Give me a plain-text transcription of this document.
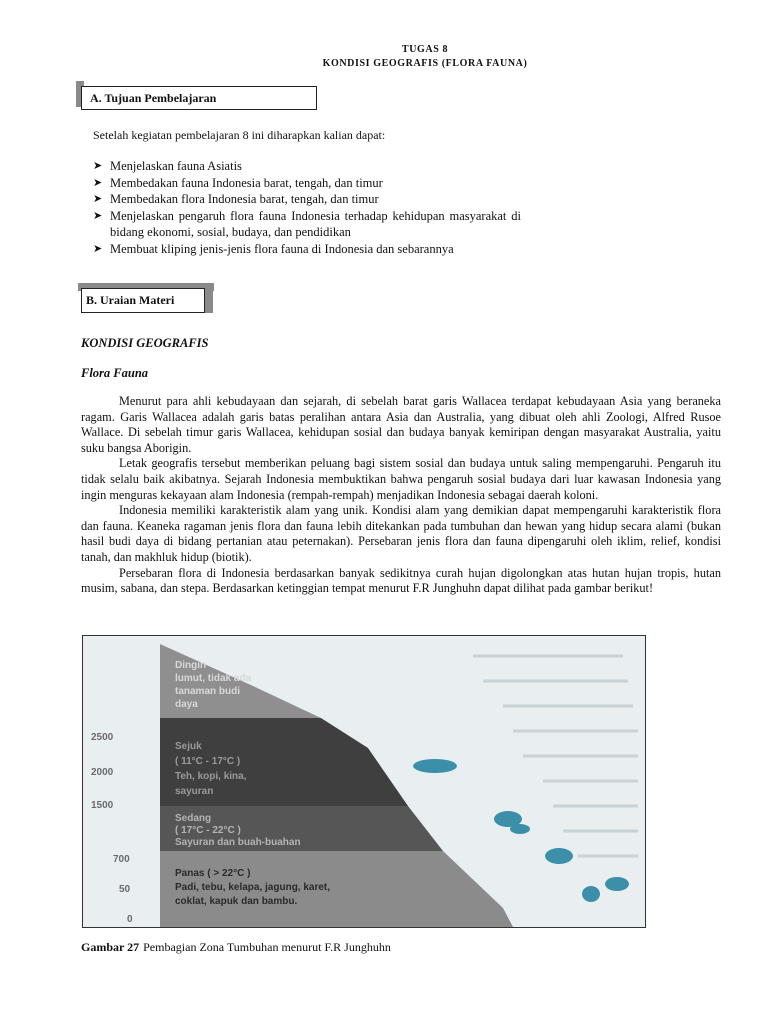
TUGAS 8
KONDISI GEOGRAFIS (FLORA FAUNA)
A. Tujuan Pembelajaran
Setelah kegiatan pembelajaran 8 ini diharapkan kalian dapat:
➤ Menjelaskan fauna Asiatis
➤ Membedakan fauna Indonesia barat, tengah, dan timur
➤ Membedakan flora Indonesia barat, tengah, dan timur
➤ Menjelaskan pengaruh flora fauna Indonesia terhadap kehidupan masyarakat di bidang ekonomi, sosial, budaya, dan pendidikan
➤ Membuat kliping jenis-jenis flora fauna di Indonesia dan sebarannya
B. Uraian Materi
KONDISI GEOGRAFIS
Flora Fauna

Menurut para ahli kebudayaan dan sejarah, di sebelah barat garis Wallacea terdapat kebudayaan Asia yang beraneka ragam. Garis Wallacea adalah garis batas peralihan antara Asia dan Australia, yang dibuat oleh ahli Zoologi, Alfred Rusoe Wallace. Di sebelah timur garis Wallacea, kehidupan sosial dan budaya banyak kemiripan dengan masyarakat Australia, yaitu suku bangsa Aborigin.

Letak geografis tersebut memberikan peluang bagi sistem sosial dan budaya untuk saling mempengaruhi. Pengaruh itu tidak selalu baik akibatnya. Sejarah Indonesia membuktikan bahwa pengaruh sosial budaya dari luar kawasan Indonesia yang ingin menguras kekayaan alam Indonesia (rempah-rempah) menjadikan Indonesia sebagai daerah koloni.

Indonesia memiliki karakteristik alam yang unik. Kondisi alam yang demikian dapat mempengaruhi karakteristik flora dan fauna. Keaneka ragaman jenis flora dan fauna lebih ditekankan pada tumbuhan dan hewan yang hidup secara alami (bukan hasil budi daya di bidang pertanian atau peternakan). Persebaran jenis flora dan fauna dipengaruhi oleh iklim, relief, kondisi tanah, dan makhluk hidup (biotik).

Persebaran flora di Indonesia berdasarkan banyak sedikitnya curah hujan digolongkan atas hutan hujan tropis, hutan musim, sabana, dan stepa. Berdasarkan ketinggian tempat menurut F.R Junghuhn dapat dilihat pada gambar berikut!

2500
2000
1500
700
50
0
Dingin
lumut, tidak ada
tanaman budi
daya
Sejuk
( 11°C - 17°C )
Teh, kopi, kina,
sayuran
Sedang
( 17°C - 22°C )
Sayuran dan buah-buahan
Panas ( > 22°C )
Padi, tebu, kelapa, jagung, karet,
coklat, kapuk dan bambu.
Gambar 27 Pembagian Zona Tumbuhan menurut F.R Junghuhn
